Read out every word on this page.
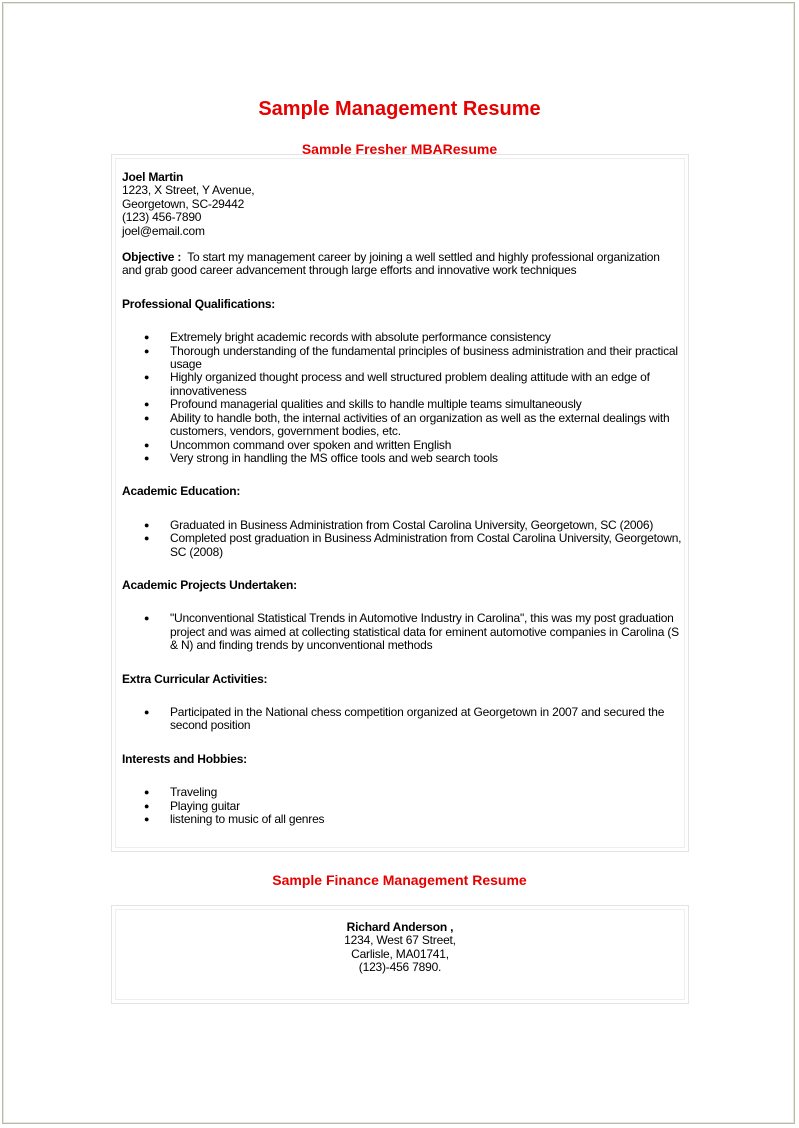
Sample Management Resume
Sample Fresher MBAResume

Joel Martin

1223, X Street, Y Avenue,

Georgetown, SC-29442

(123) 456-7890

joel@email.com

Objective : To start my management career by joining a well settled and highly professional organization and grab good career advancement through large efforts and innovative work techniques

Professional Qualifications:

● Extremely bright academic records with absolute performance consistency
● Thorough understanding of the fundamental principles of business administration and their practical usage
● Highly organized thought process and well structured problem dealing attitude with an edge of innovativeness
● Profound managerial qualities and skills to handle multiple teams simultaneously
● Ability to handle both, the internal activities of an organization as well as the external dealings with customers, vendors, government bodies, etc.
● Uncommon command over spoken and written English
● Very strong in handling the MS office tools and web search tools

Academic Education:

● Graduated in Business Administration from Costal Carolina University, Georgetown, SC (2006)
● Completed post graduation in Business Administration from Costal Carolina University, Georgetown, SC (2008)

Academic Projects Undertaken:

● "Unconventional Statistical Trends in Automotive Industry in Carolina", this was my post graduation project and was aimed at collecting statistical data for eminent automotive companies in Carolina (S & N) and finding trends by unconventional methods

Extra Curricular Activities:

● Participated in the National chess competition organized at Georgetown in 2007 and secured the second position

Interests and Hobbies:

● Traveling
● Playing guitar
● listening to music of all genres
Sample Finance Management Resume

Richard Anderson ,

1234, West 67 Street,

Carlisle, MA01741,

(123)-456 7890.
